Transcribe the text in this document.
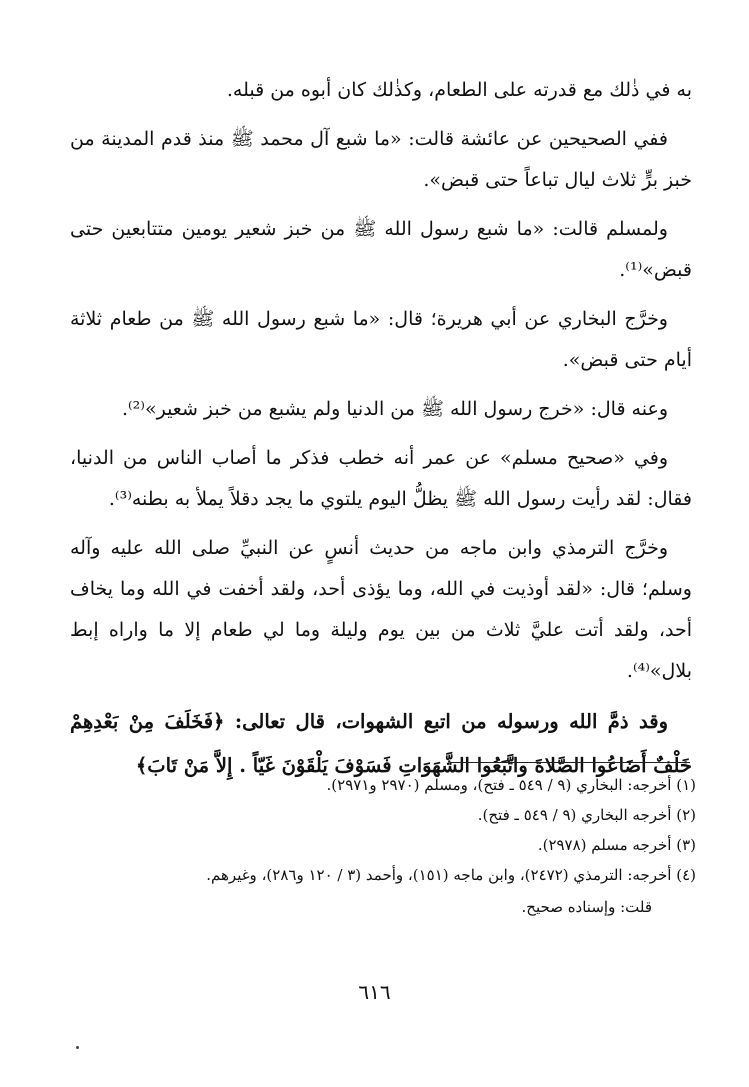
به في ذٰلك مع قدرته على الطعام، وكذٰلك كان أبوه من قبله.

ففي الصحيحين عن عائشة قالت: «ما شبع آل محمد ﷺ منذ قدم المدينة من خبز برٍّ ثلاث ليال تباعاً حتى قبض».

ولمسلم قالت: «ما شبع رسول الله ﷺ من خبز شعير يومين متتابعين حتى قبض»⁽¹⁾.

وخرَّج البخاري عن أبي هريرة؛ قال: «ما شبع رسول الله ﷺ من طعام ثلاثة أيام حتى قبض».

وعنه قال: «خرج رسول الله ﷺ من الدنيا ولم يشبع من خبز شعير»⁽²⁾.

وفي «صحيح مسلم» عن عمر أنه خطب فذكر ما أصاب الناس من الدنيا، فقال: لقد رأيت رسول الله ﷺ يظلُّ اليوم يلتوي ما يجد دقلاً يملأ به بطنه⁽³⁾.

وخرَّج الترمذي وابن ماجه من حديث أنسٍ عن النبيِّ صلى الله عليه وآله وسلم؛ قال: «لقد أوذيت في الله، وما يؤذى أحد، ولقد أخفت في الله وما يخاف أحد، ولقد أتت عليَّ ثلاث من بين يوم وليلة وما لي طعام إلا ما واراه إبط بلال»⁽⁴⁾.

وقد ذمَّ الله ورسوله من اتبع الشهوات، قال تعالى: ﴿فَخَلَفَ مِنْ بَعْدِهِمْ خَلْفٌ أَضَاعُوا الصَّلاةَ واتَّبَعُوا الشَّهَوَاتِ فَسَوْفَ يَلْقَوْنَ غَيّاً . إِلاَّ مَنْ تَابَ﴾

(١) أخرجه: البخاري (٩ / ٥٤٩ ـ فتح)، ومسلم (٢٩٧٠ و٢٩٧١).

(٢) أخرجه البخاري (٩ / ٥٤٩ ـ فتح).

(٣) أخرجه مسلم (٢٩٧٨).

(٤) أخرجه: الترمذي (٢٤٧٢)، وابن ماجه (١٥١)، وأحمد (٣ / ١٢٠ و٢٨٦)، وغيرهم.

قلت: وإسناده صحيح.

٦١٦
